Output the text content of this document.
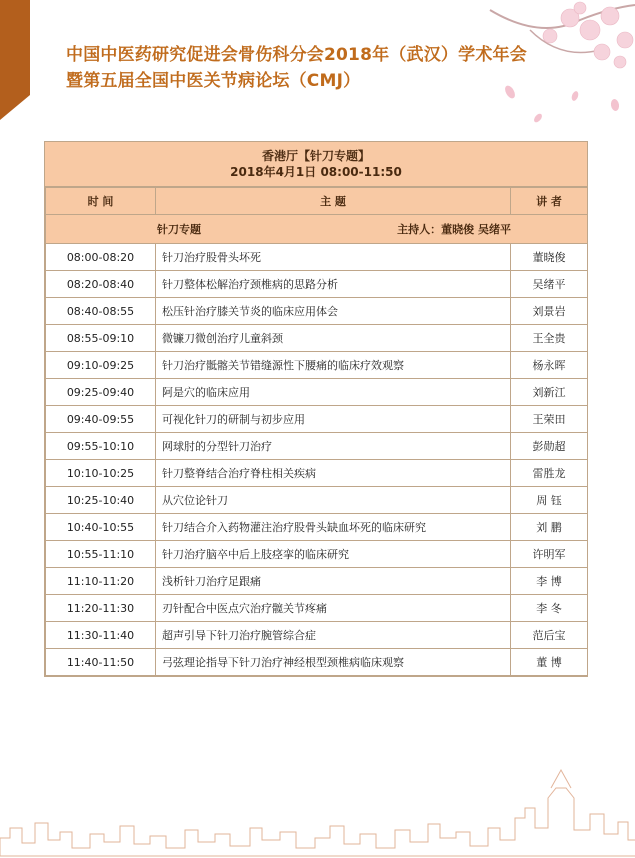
中国中医药研究促进会骨伤科分会2018年（武汉）学术年会
暨第五届全国中医关节病论坛（CMJ）
香港厅【针刀专题】
2018年4月1日 08:00-11:50
时 间	主 题	讲 者

针刀专题 主持人：董晓俊 吴绪平		

08:00-08:20	针刀治疗股骨头坏死	董晓俊
08:20-08:40	针刀整体松解治疗颈椎病的思路分析	吴绪平
08:40-08:55	松压针治疗膝关节炎的临床应用体会	刘景岩
08:55-09:10	微镰刀微创治疗儿童斜颈	王全贵
09:10-09:25	针刀治疗骶髂关节错缝源性下腰痛的临床疗效观察	杨永晖
09:25-09:40	阿是穴的临床应用	刘新江
09:40-09:55	可视化针刀的研制与初步应用	王荣田
09:55-10:10	网球肘的分型针刀治疗	彭勋超
10:10-10:25	针刀整脊结合治疗脊柱相关疾病	雷胜龙
10:25-10:40	从穴位论针刀	周 钰
10:40-10:55	针刀结合介入药物灌注治疗股骨头缺血坏死的临床研究	刘 鹏
10:55-11:10	针刀治疗脑卒中后上肢痉挛的临床研究	许明军
11:10-11:20	浅析针刀治疗足跟痛	李 博
11:20-11:30	刃针配合中医点穴治疗髋关节疼痛	李 冬
11:30-11:40	超声引导下针刀治疗腕管综合症	范后宝
11:40-11:50	弓弦理论指导下针刀治疗神经根型颈椎病临床观察	董 博
